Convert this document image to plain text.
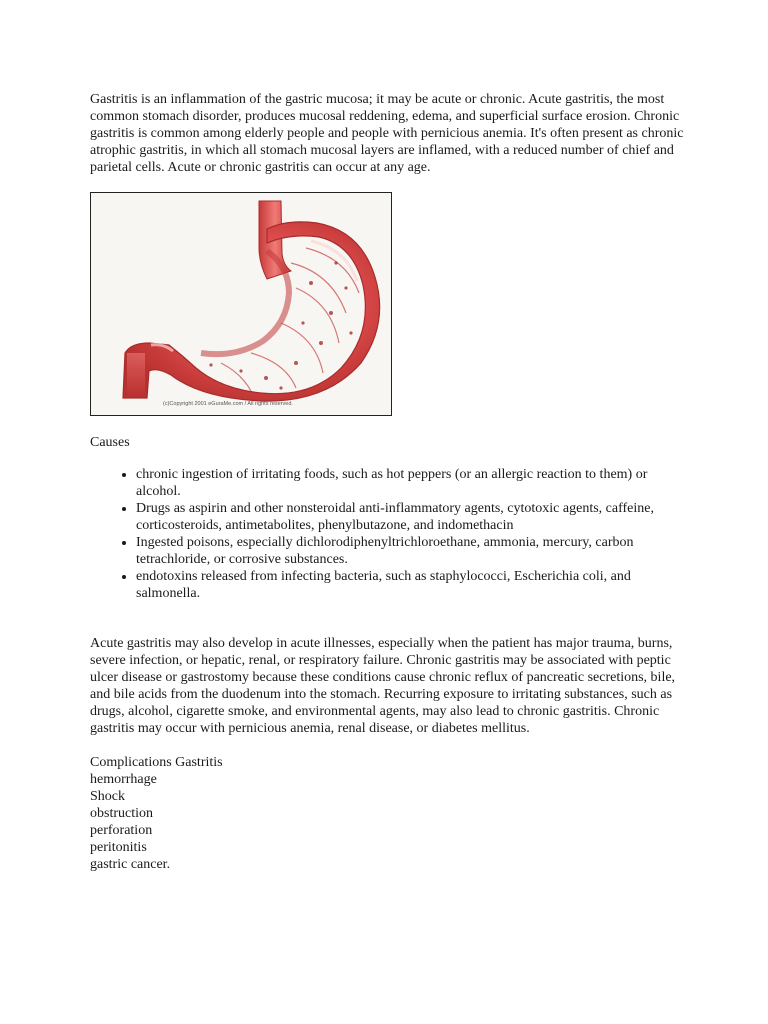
Gastritis is an inflammation of the gastric mucosa; it may be acute or chronic. Acute gastritis, the most common stomach disorder, produces mucosal reddening, edema, and superficial surface erosion. Chronic gastritis is common among elderly people and people with pernicious anemia. It's often present as chronic atrophic gastritis, in which all stomach mucosal layers are inflamed, with a reduced number of chief and parietal cells. Acute or chronic gastritis can occur at any age.

(c)Copyright 2001 eGuraMe.com / All rights reserved.

Causes

• chronic ingestion of irritating foods, such as hot peppers (or an allergic reaction to them) or alcohol.
• Drugs as aspirin and other nonsteroidal anti-inflammatory agents, cytotoxic agents, caffeine, corticosteroids, antimetabolites, phenylbutazone, and indomethacin
• Ingested poisons, especially dichlorodiphenyltrichloroethane, ammonia, mercury, carbon tetrachloride, or corrosive substances.
• endotoxins released from infecting bacteria, such as staphylococci, Escherichia coli, and salmonella.

Acute gastritis may also develop in acute illnesses, especially when the patient has major trauma, burns, severe infection, or hepatic, renal, or respiratory failure. Chronic gastritis may be associated with peptic ulcer disease or gastrostomy because these conditions cause chronic reflux of pancreatic secretions, bile, and bile acids from the duodenum into the stomach. Recurring exposure to irritating substances, such as drugs, alcohol, cigarette smoke, and environmental agents, may also lead to chronic gastritis. Chronic gastritis may occur with pernicious anemia, renal disease, or diabetes mellitus.

Complications Gastritis
hemorrhage
Shock
obstruction
perforation
peritonitis
gastric cancer.
